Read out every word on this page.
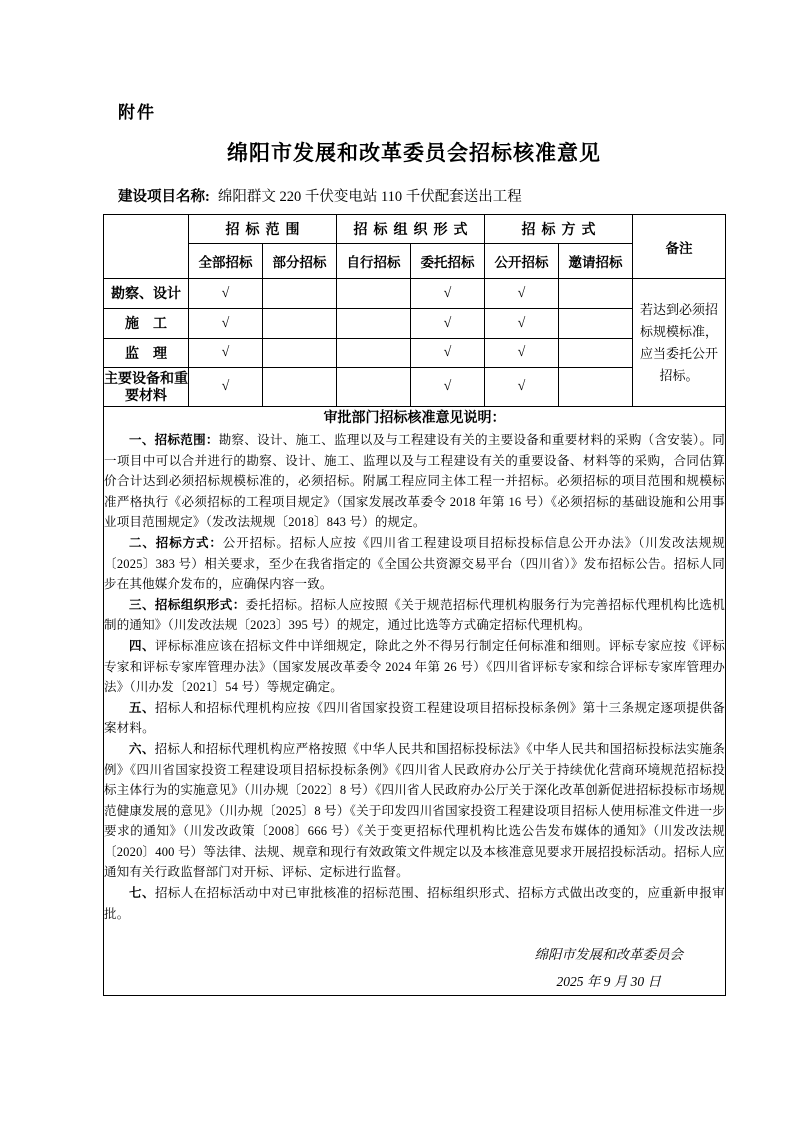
附件
绵阳市发展和改革委员会招标核准意见
建设项目名称: 绵阳群文 220 千伏变电站 110 千伏配套送出工程
	招标范围		招标组织形式		招标方式		备注
	全部招标	部分招标	自行招标	委托招标	公开招标	邀请招标	
勘察、设计	√			√	√		若达到必须招标规模标准，应当委托公开招标。
施　工	√			√	√		
监　理	√			√	√		
主要设备和重要材料	√			√	√		

审批部门招标核准意见说明：

一、招标范围：勘察、设计、施工、监理以及与工程建设有关的主要设备和重要材料的采购（含安装）。同一项目中可以合并进行的勘察、设计、施工、监理以及与工程建设有关的重要设备、材料等的采购，合同估算价合计达到必须招标规模标准的，必须招标。附属工程应同主体工程一并招标。必须招标的项目范围和规模标准严格执行《必须招标的工程项目规定》（国家发展改革委令 2018 年第 16 号）《必须招标的基础设施和公用事业项目范围规定》（发改法规规〔2018〕843 号）的规定。

二、招标方式：公开招标。招标人应按《四川省工程建设项目招标投标信息公开办法》（川发改法规规〔2025〕383 号）相关要求，至少在我省指定的《全国公共资源交易平台（四川省）》发布招标公告。招标人同步在其他媒介发布的，应确保内容一致。

三、招标组织形式：委托招标。招标人应按照《关于规范招标代理机构服务行为完善招标代理机构比选机制的通知》（川发改法规〔2023〕395 号）的规定，通过比选等方式确定招标代理机构。

四、评标标准应该在招标文件中详细规定，除此之外不得另行制定任何标准和细则。评标专家应按《评标专家和评标专家库管理办法》（国家发展改革委令 2024 年第 26 号）《四川省评标专家和综合评标专家库管理办法》（川办发〔2021〕54 号）等规定确定。

五、招标人和招标代理机构应按《四川省国家投资工程建设项目招标投标条例》第十三条规定逐项提供备案材料。

六、招标人和招标代理机构应严格按照《中华人民共和国招标投标法》《中华人民共和国招标投标法实施条例》《四川省国家投资工程建设项目招标投标条例》《四川省人民政府办公厅关于持续优化营商环境规范招标投标主体行为的实施意见》（川办规〔2022〕8 号）《四川省人民政府办公厅关于深化改革创新促进招标投标市场规范健康发展的意见》（川办规〔2025〕8 号）《关于印发四川省国家投资工程建设项目招标人使用标准文件进一步要求的通知》（川发改政策〔2008〕666 号）《关于变更招标代理机构比选公告发布媒体的通知》（川发改法规〔2020〕400 号）等法律、法规、规章和现行有效政策文件规定以及本核准意见要求开展招投标活动。招标人应通知有关行政监督部门对开标、评标、定标进行监督。

七、招标人在招标活动中对已审批核准的招标范围、招标组织形式、招标方式做出改变的，应重新申报审批。

绵阳市发展和改革委员会
2025 年 9 月 30 日
